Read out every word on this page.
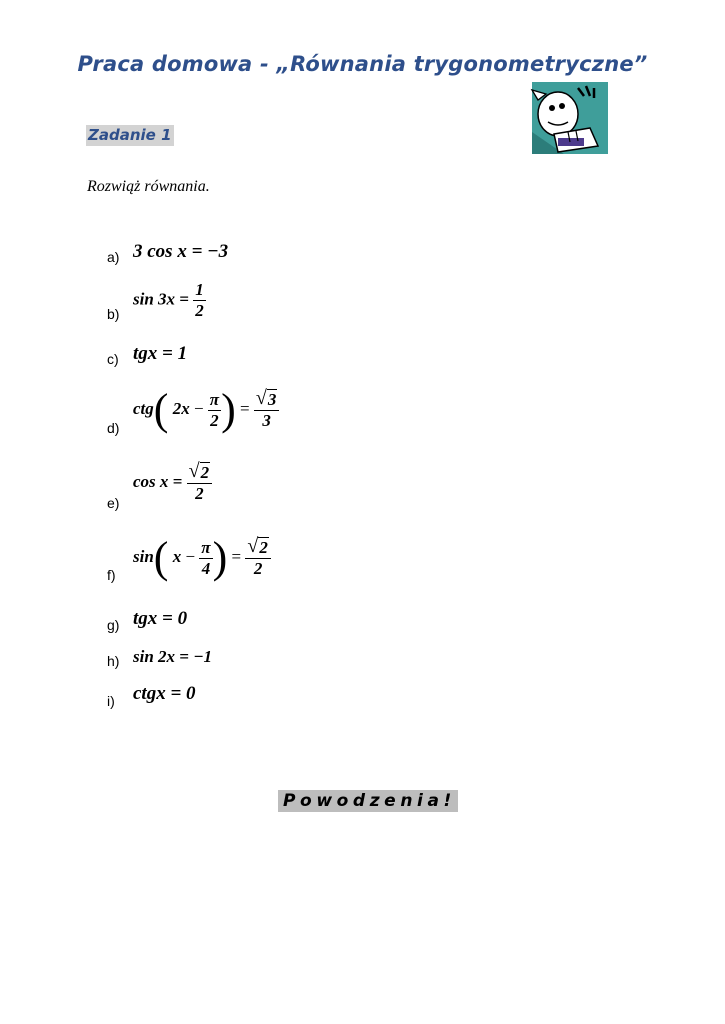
Praca domowa - „Równania trygonometryczne”
Zadanie 1
Rozwiąż równania.
a) 3 cos x = −3
b)
$\sin 3x = \frac{1}{2}$
c) tgx = 1
d)
ctg( $2x - \frac{\pi}{2}$ ) = $\frac{√ 3}{3}$
e)
$\cos x = \frac{√ 2}{2}$
f)
sin( $x - \frac{\pi}{4}$ ) = $\frac{√ 2}{2}$
g) tgx = 0
h) sin 2x = −1
i) ctgx = 0
Powodzenia!
